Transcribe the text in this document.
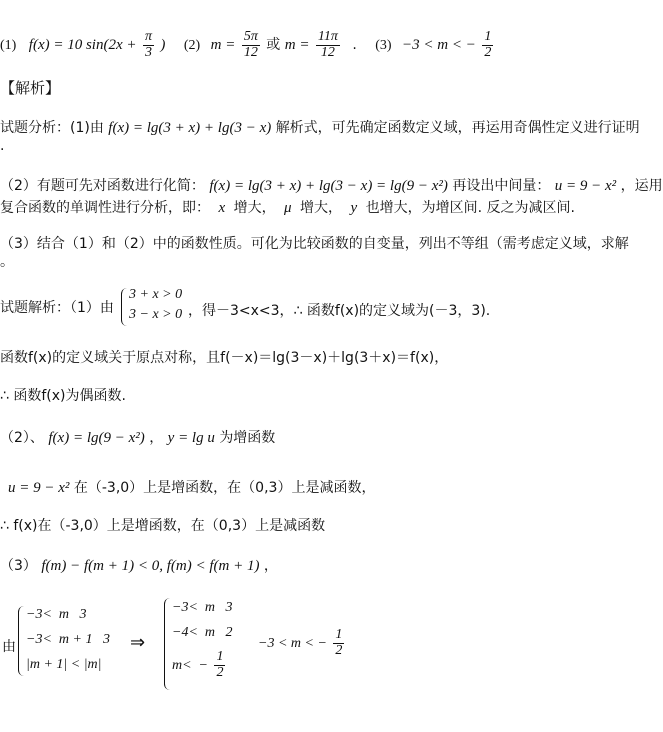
(1) f(x) = 10 $\sin(2x + \frac{\pi}{3}$ ) (2) $m = \frac{5\pi}{12}$ 或 $m = \frac{11\pi}{12}$ . (3) −3 < m < − $\frac{1}{2}$
【解析】
试题分析：(1)由 f(x) = lg(3 + x) + lg(3 − x) 解析式，可先确定函数定义域，再运用奇偶性定义进行证明
.
（2）有题可先对函数进行化简： f(x) = lg(3 + x) + lg(3 − x) = lg(9 − x²) 再设出中间量： u = 9 − x² ，运用
复合函数的单调性进行分析，即： x 增大， μ 增大， y 也增大，为增区间. 反之为减区间.
（3）结合（1）和（2）中的函数性质。可化为比较函数的自变量，列出不等组（需考虑定义域，求解
。
试题解析：（1）由
3 + x > 0
3 − x > 0 ，得－3<x<3，∴ 函数f(x)的定义域为(－3，3).
函数f(x)的定义域关于原点对称，且f(－x)＝lg(3－x)＋lg(3＋x)＝f(x)，
∴ 函数f(x)为偶函数.
（2）、 f(x) = lg(9 − x²) ， y = lg u 为增函数
u = 9 − x² 在（-3,0）上是增函数，在（0,3）上是减函数，
∴ f(x)在（-3,0）上是增函数，在（0,3）上是减函数
（3） f(m) − f(m + 1) < 0, f(m) < f(m + 1) ，
由
−3<  m   3
−3<  m + 1   3
|m + 1| < |m|
⇒
−3<  m   3
−4<  m   2
$m< - \frac{1}{2}$
−3 < m < − $\frac{1}{2}$
